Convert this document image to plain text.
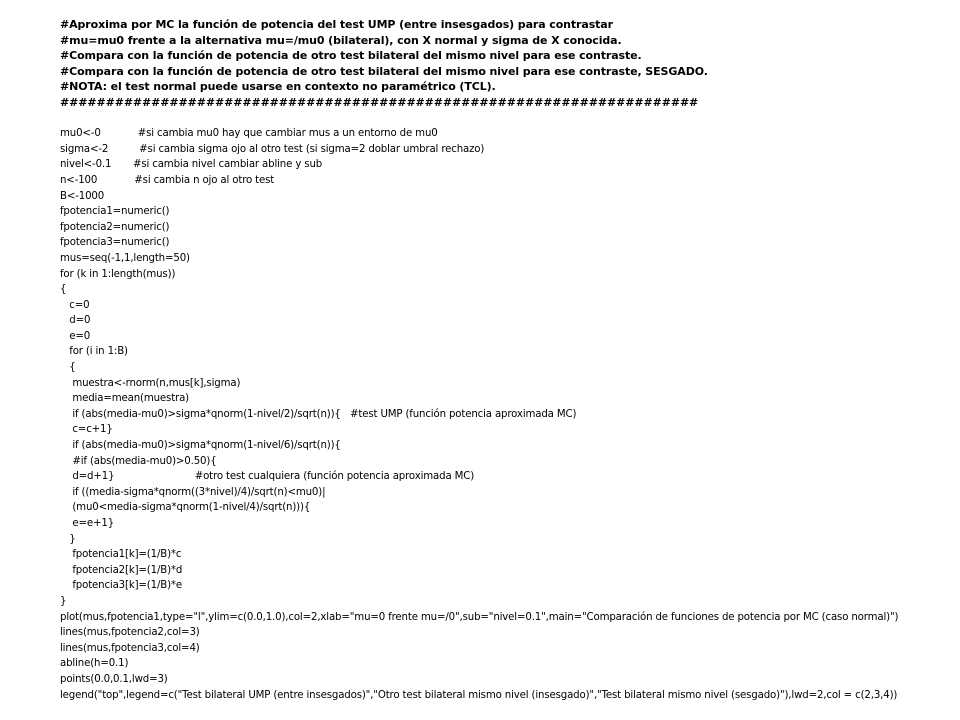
#Aproxima por MC la función de potencia del test UMP (entre insesgados) para contrastar
#mu=mu0 frente a la alternativa mu=/mu0 (bilateral), con X normal y sigma de X conocida.
#Compara con la función de potencia de otro test bilateral del mismo nivel para ese contraste.
#Compara con la función de potencia de otro test bilateral del mismo nivel para ese contraste, SESGADO.
#NOTA: el test normal puede usarse en contexto no paramétrico (TCL).
######################################################################
mu0<-0            #si cambia mu0 hay que cambiar mus a un entorno de mu0
sigma<-2          #si cambia sigma ojo al otro test (si sigma=2 doblar umbral rechazo)
nivel<-0.1       #si cambia nivel cambiar abline y sub
n<-100            #si cambia n ojo al otro test
B<-1000
fpotencia1=numeric()
fpotencia2=numeric()
fpotencia3=numeric()
mus=seq(-1,1,length=50)
for (k in 1:length(mus))
{
c=0
d=0
e=0
for (i in 1:B)
{
muestra<-rnorm(n,mus[k],sigma)
media=mean(muestra)
if (abs(media-mu0)>sigma*qnorm(1-nivel/2)/sqrt(n)){   #test UMP (función potencia aproximada MC)
c=c+1}
if (abs(media-mu0)>sigma*qnorm(1-nivel/6)/sqrt(n)){
#if (abs(media-mu0)>0.50){
d=d+1}                          #otro test cualquiera (función potencia aproximada MC)
if ((media-sigma*qnorm((3*nivel)/4)/sqrt(n)<mu0)|
(mu0<media-sigma*qnorm(1-nivel/4)/sqrt(n))){
e=e+1}
}
fpotencia1[k]=(1/B)*c
fpotencia2[k]=(1/B)*d
fpotencia3[k]=(1/B)*e
}
plot(mus,fpotencia1,type="l",ylim=c(0.0,1.0),col=2,xlab="mu=0 frente mu=/0",sub="nivel=0.1",main="Comparación de funciones de potencia por MC (caso normal)")
lines(mus,fpotencia2,col=3)
lines(mus,fpotencia3,col=4)
abline(h=0.1)
points(0.0,0.1,lwd=3)
legend("top",legend=c("Test bilateral UMP (entre insesgados)","Otro test bilateral mismo nivel (insesgado)","Test bilateral mismo nivel (sesgado)"),lwd=2,col = c(2,3,4))
